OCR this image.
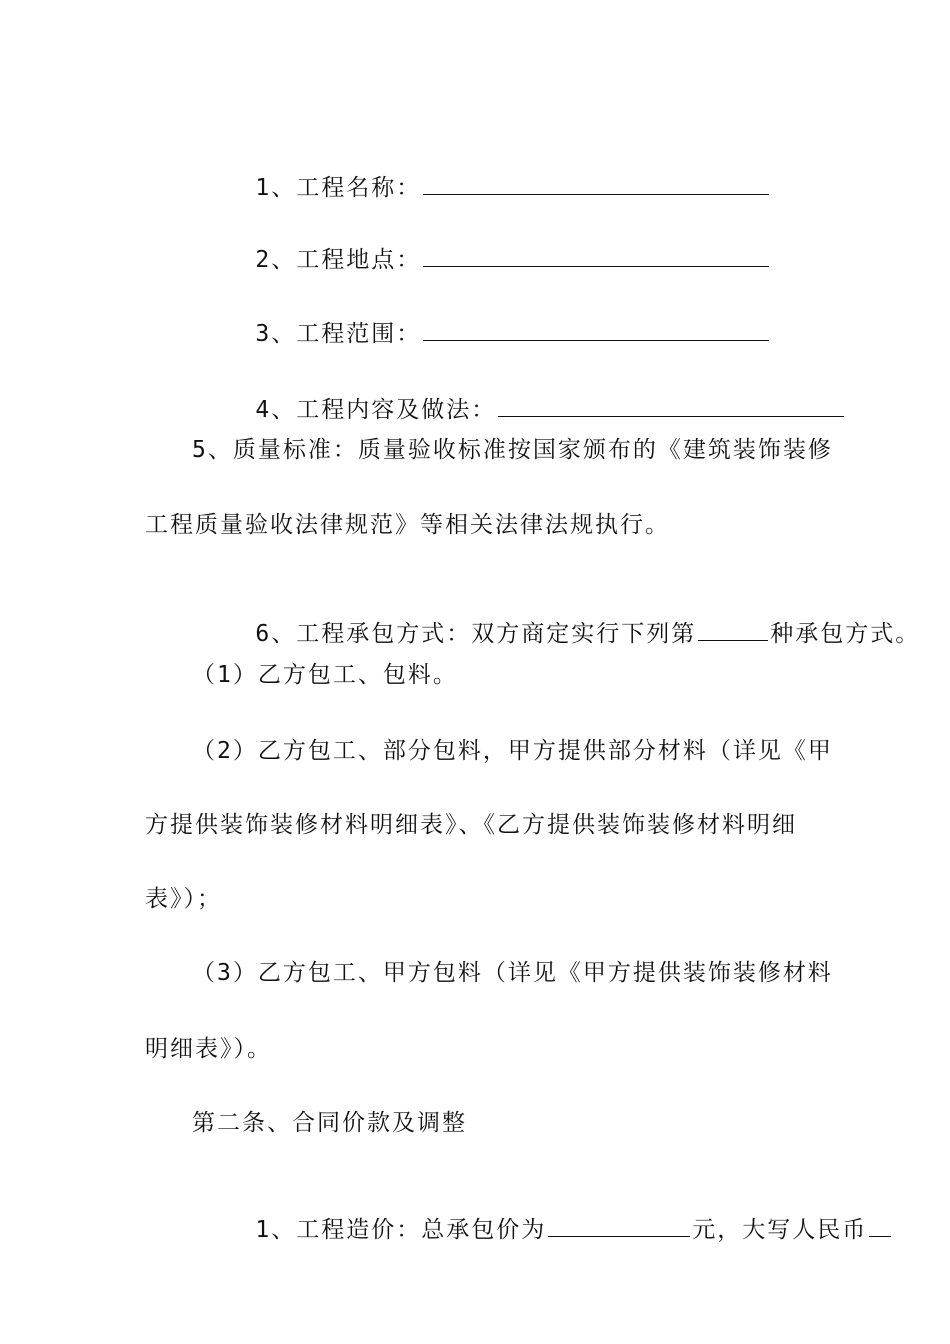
1、工程名称：

2、工程地点：

3、工程范围：

4、工程内容及做法：

5、质量标准：质量验收标准按国家颁布的《建筑装饰装修
工程质量验收法律规范》等相关法律法规执行。

6、工程承包方式：双方商定实行下列第	种承包方式。

（1）乙方包工、包料。
（2）乙方包工、部分包料，甲方提供部分材料（详见《甲
方提供装饰装修材料明细表》、《乙方提供装饰装修材料明细
表》）；
（3）乙方包工、甲方包料（详见《甲方提供装饰装修材料
明细表》）。
第二条、合同价款及调整

1、工程造价：总承包价为	元，大写人民币
